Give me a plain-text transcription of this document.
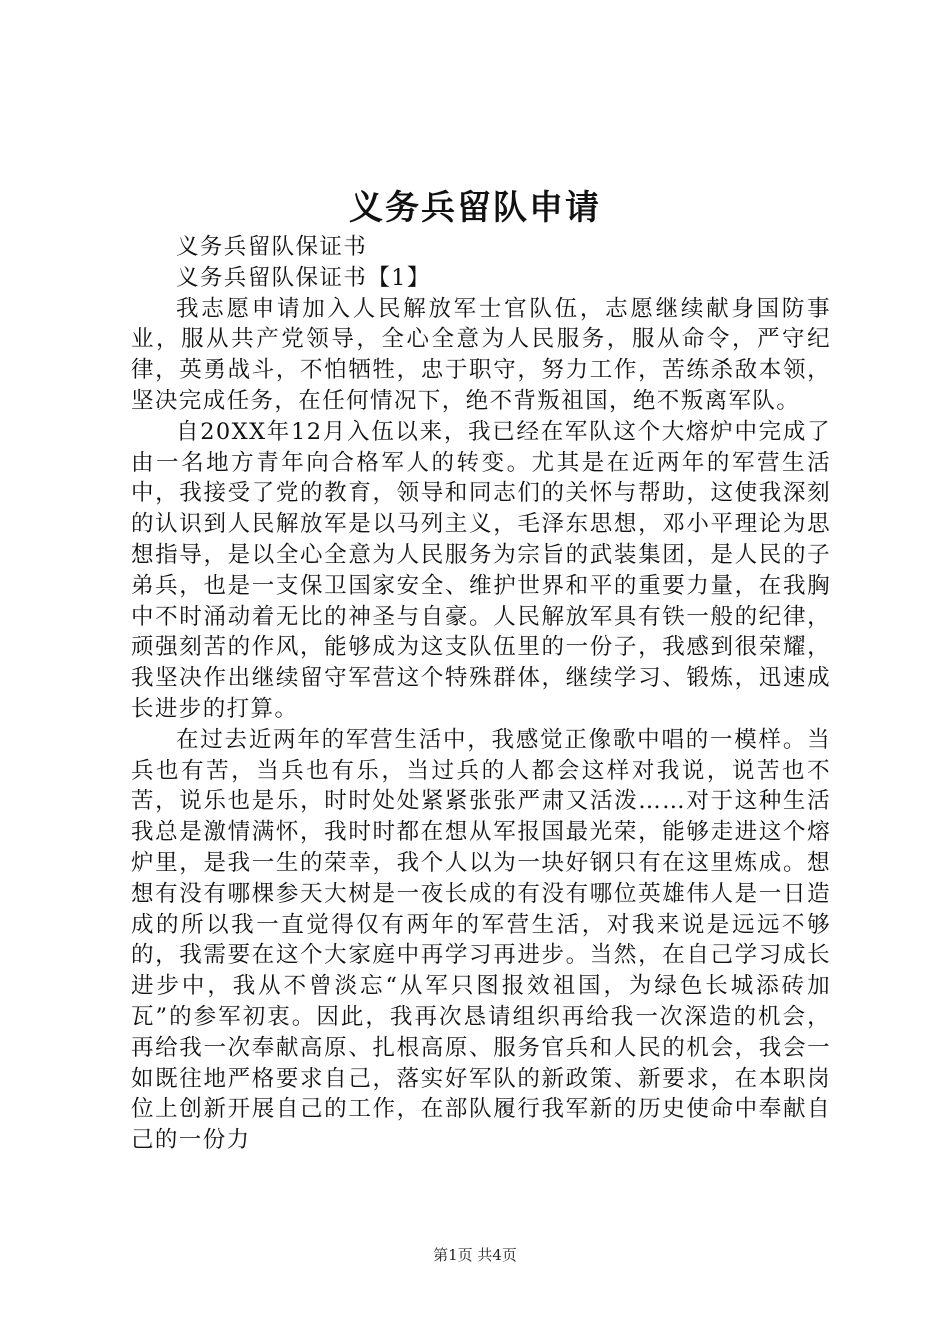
义务兵留队申请

义务兵留队保证书

义务兵留队保证书【1】

我志愿申请加入人民解放军士官队伍，志愿继续献身国防事业，服从共产党领导，全心全意为人民服务，服从命令，严守纪律，英勇战斗，不怕牺牲，忠于职守，努力工作，苦练杀敌本领，坚决完成任务，在任何情况下，绝不背叛祖国，绝不叛离军队。

自20XX年12月入伍以来，我已经在军队这个大熔炉中完成了由一名地方青年向合格军人的转变。尤其是在近两年的军营生活中，我接受了党的教育，领导和同志们的关怀与帮助，这使我深刻的认识到人民解放军是以马列主义，毛泽东思想，邓小平理论为思想指导，是以全心全意为人民服务为宗旨的武装集团，是人民的子弟兵，也是一支保卫国家安全、维护世界和平的重要力量，在我胸中不时涌动着无比的神圣与自豪。人民解放军具有铁一般的纪律，顽强刻苦的作风，能够成为这支队伍里的一份子，我感到很荣耀，我坚决作出继续留守军营这个特殊群体，继续学习、锻炼，迅速成长进步的打算。

在过去近两年的军营生活中，我感觉正像歌中唱的一模样。当兵也有苦，当兵也有乐，当过兵的人都会这样对我说，说苦也不苦，说乐也是乐，时时处处紧紧张张严肃又活泼……对于这种生活我总是激情满怀，我时时都在想从军报国最光荣，能够走进这个熔炉里，是我一生的荣幸，我个人以为一块好钢只有在这里炼成。想想有没有哪棵参天大树是一夜长成的有没有哪位英雄伟人是一日造成的所以我一直觉得仅有两年的军营生活，对我来说是远远不够的，我需要在这个大家庭中再学习再进步。当然，在自己学习成长进步中，我从不曾淡忘“从军只图报效祖国，为绿色长城添砖加瓦”的参军初衷。因此，我再次恳请组织再给我一次深造的机会，再给我一次奉献高原、扎根高原、服务官兵和人民的机会，我会一如既往地严格要求自己，落实好军队的新政策、新要求，在本职岗位上创新开展自己的工作，在部队履行我军新的历史使命中奉献自己的一份力

第1页 共4页
